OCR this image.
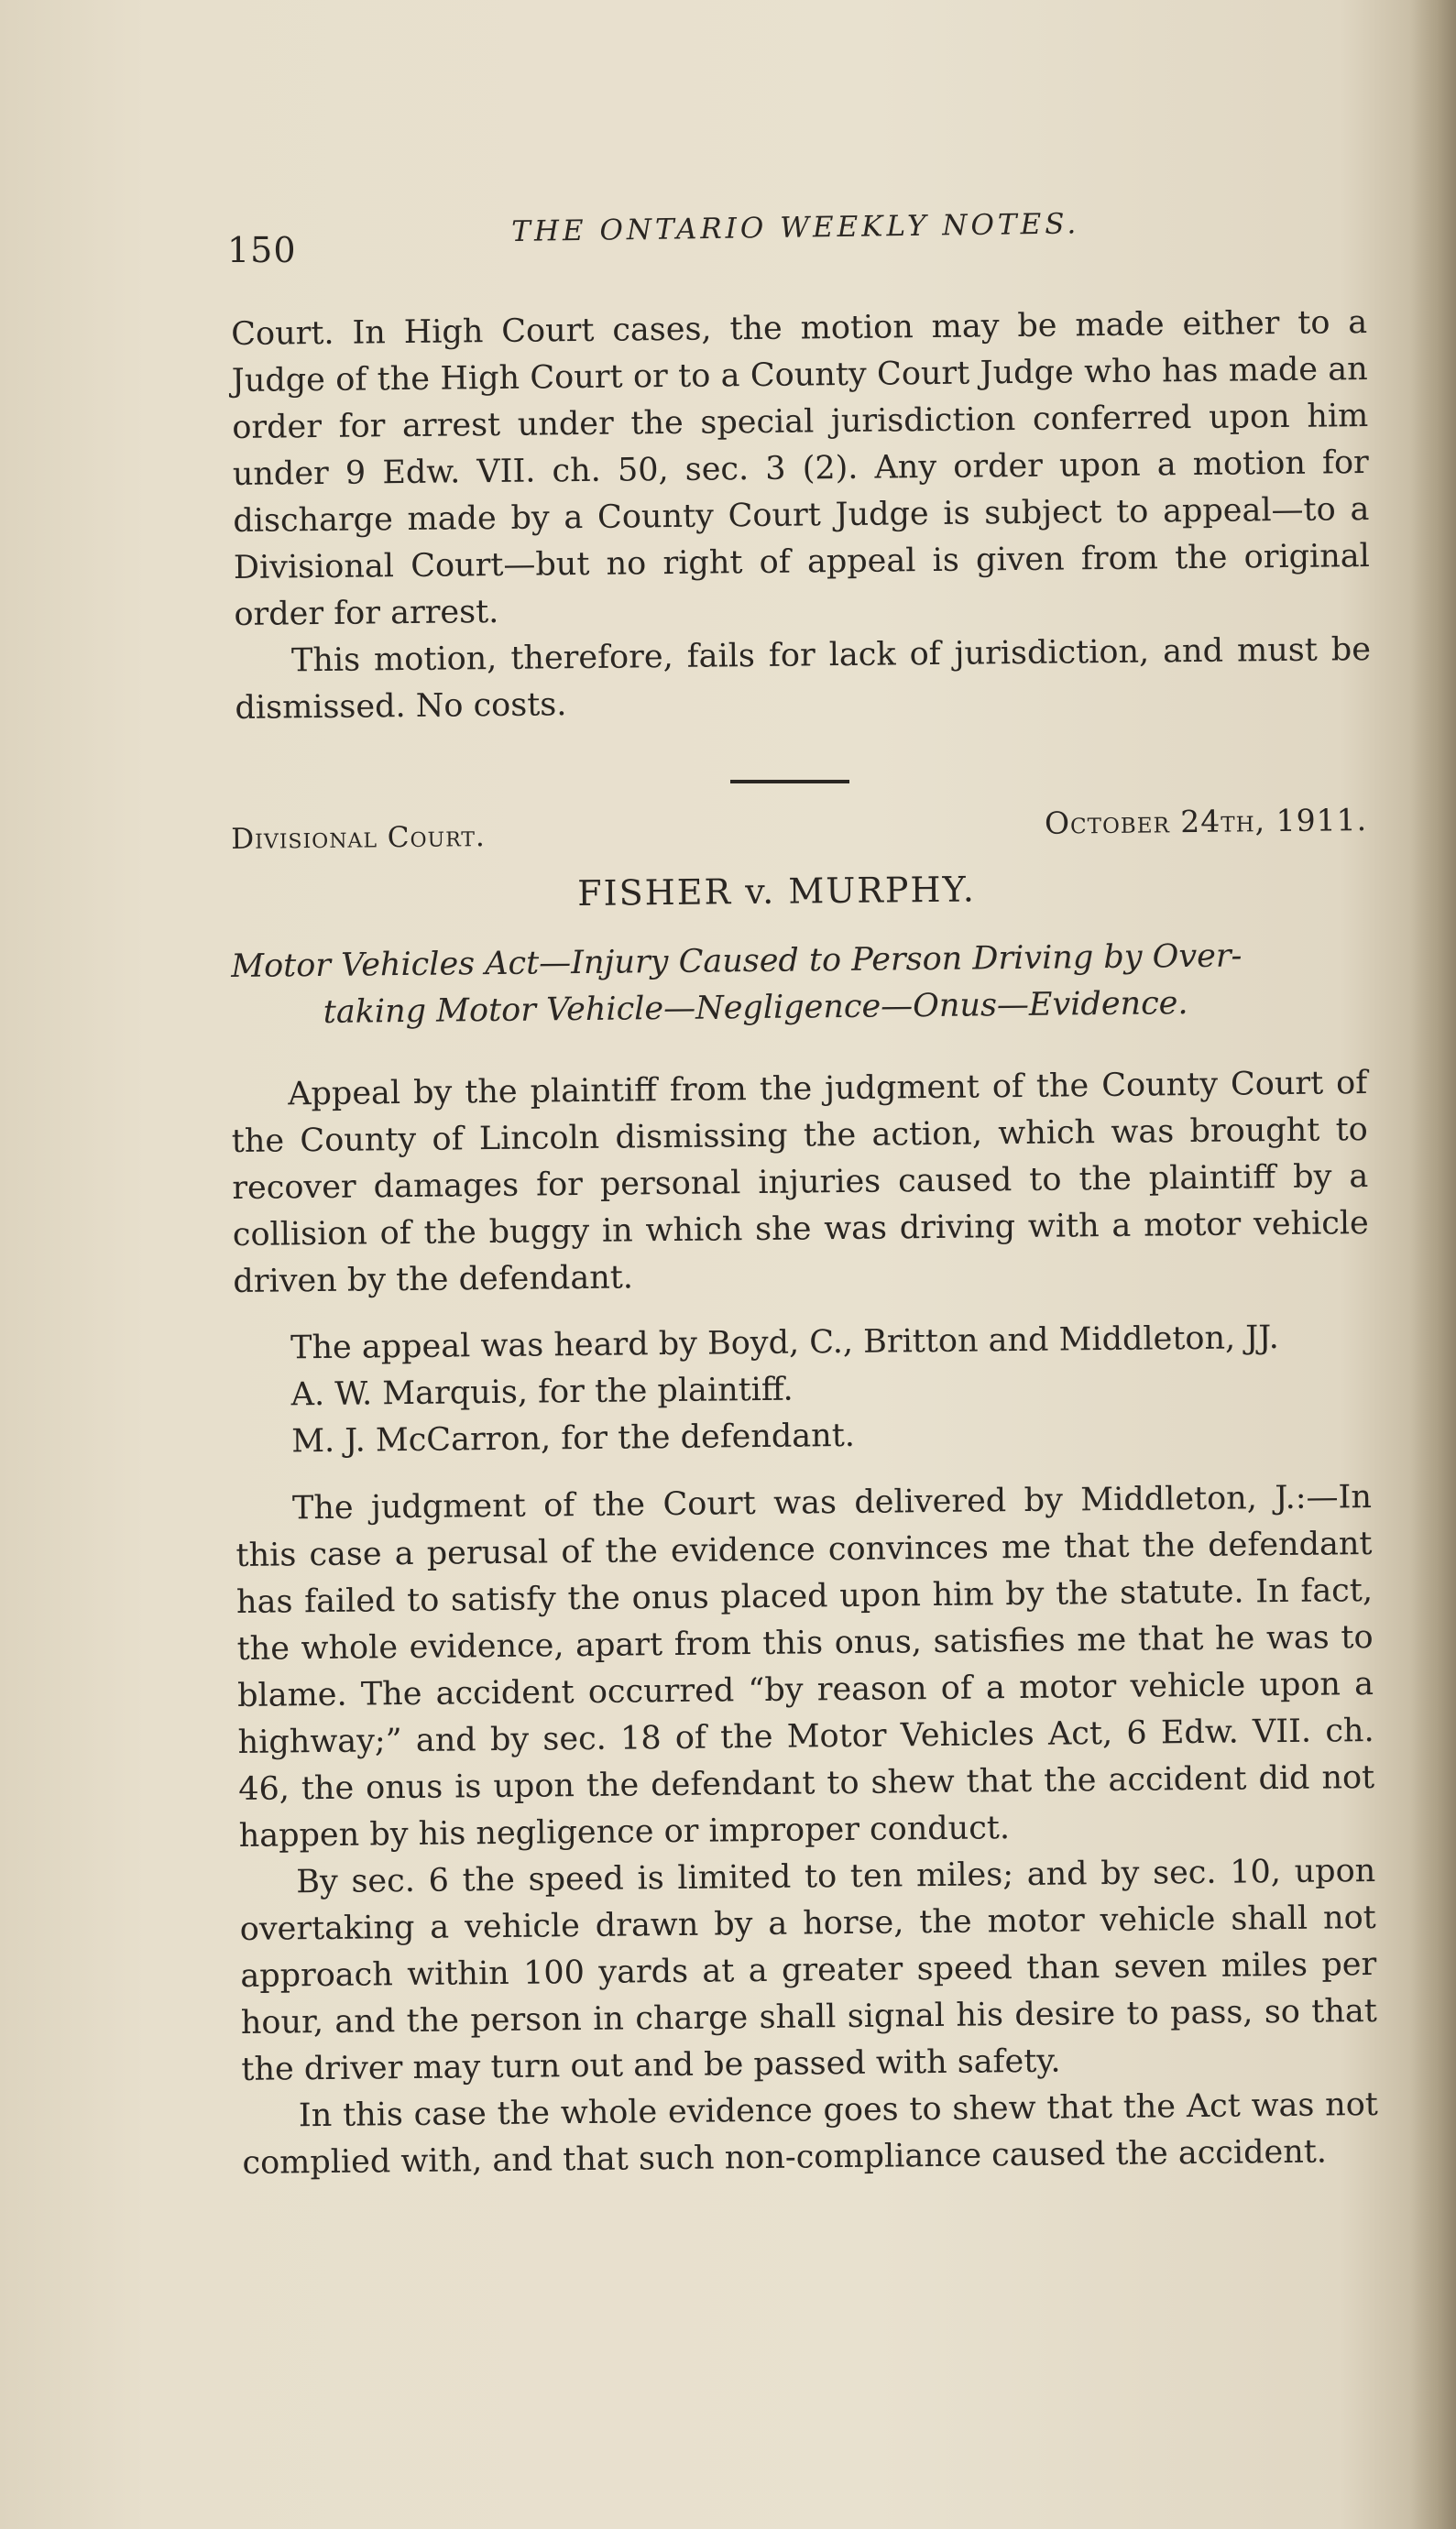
150
THE ONTARIO WEEKLY NOTES.

Court. In High Court cases, the motion may be made either to a Judge of the High Court or to a County Court Judge who has made an order for arrest under the special jurisdiction conferred upon him under 9 Edw. VII. ch. 50, sec. 3 (2). Any order upon a motion for discharge made by a County Court Judge is subject to appeal—to a Divisional Court—but no right of appeal is given from the original order for arrest.

This motion, therefore, fails for lack of jurisdiction, and must be dismissed. No costs.

Divisional Court.	October 24th, 1911.
FISHER v. MURPHY.

Motor Vehicles Act—Injury Caused to Person Driving by Over-

taking Motor Vehicle—Negligence—Onus—Evidence.

Appeal by the plaintiff from the judgment of the County Court of the County of Lincoln dismissing the action, which was brought to recover damages for personal injuries caused to the plaintiff by a collision of the buggy in which she was driving with a motor vehicle driven by the defendant.

The appeal was heard by Boyd, C., Britton and Middleton, JJ.

A. W. Marquis, for the plaintiff.

M. J. McCarron, for the defendant.

The judgment of the Court was delivered by Middleton, J.:—In this case a perusal of the evidence convinces me that the defendant has failed to satisfy the onus placed upon him by the statute. In fact, the whole evidence, apart from this onus, satisfies me that he was to blame. The accident occurred “by reason of a motor vehicle upon a highway;” and by sec. 18 of the Motor Vehicles Act, 6 Edw. VII. ch. 46, the onus is upon the defendant to shew that the accident did not happen by his negligence or improper conduct.

By sec. 6 the speed is limited to ten miles; and by sec. 10, upon overtaking a vehicle drawn by a horse, the motor vehicle shall not approach within 100 yards at a greater speed than seven miles per hour, and the person in charge shall signal his desire to pass, so that the driver may turn out and be passed with safety.

In this case the whole evidence goes to shew that the Act was not complied with, and that such non-compliance caused the accident.
